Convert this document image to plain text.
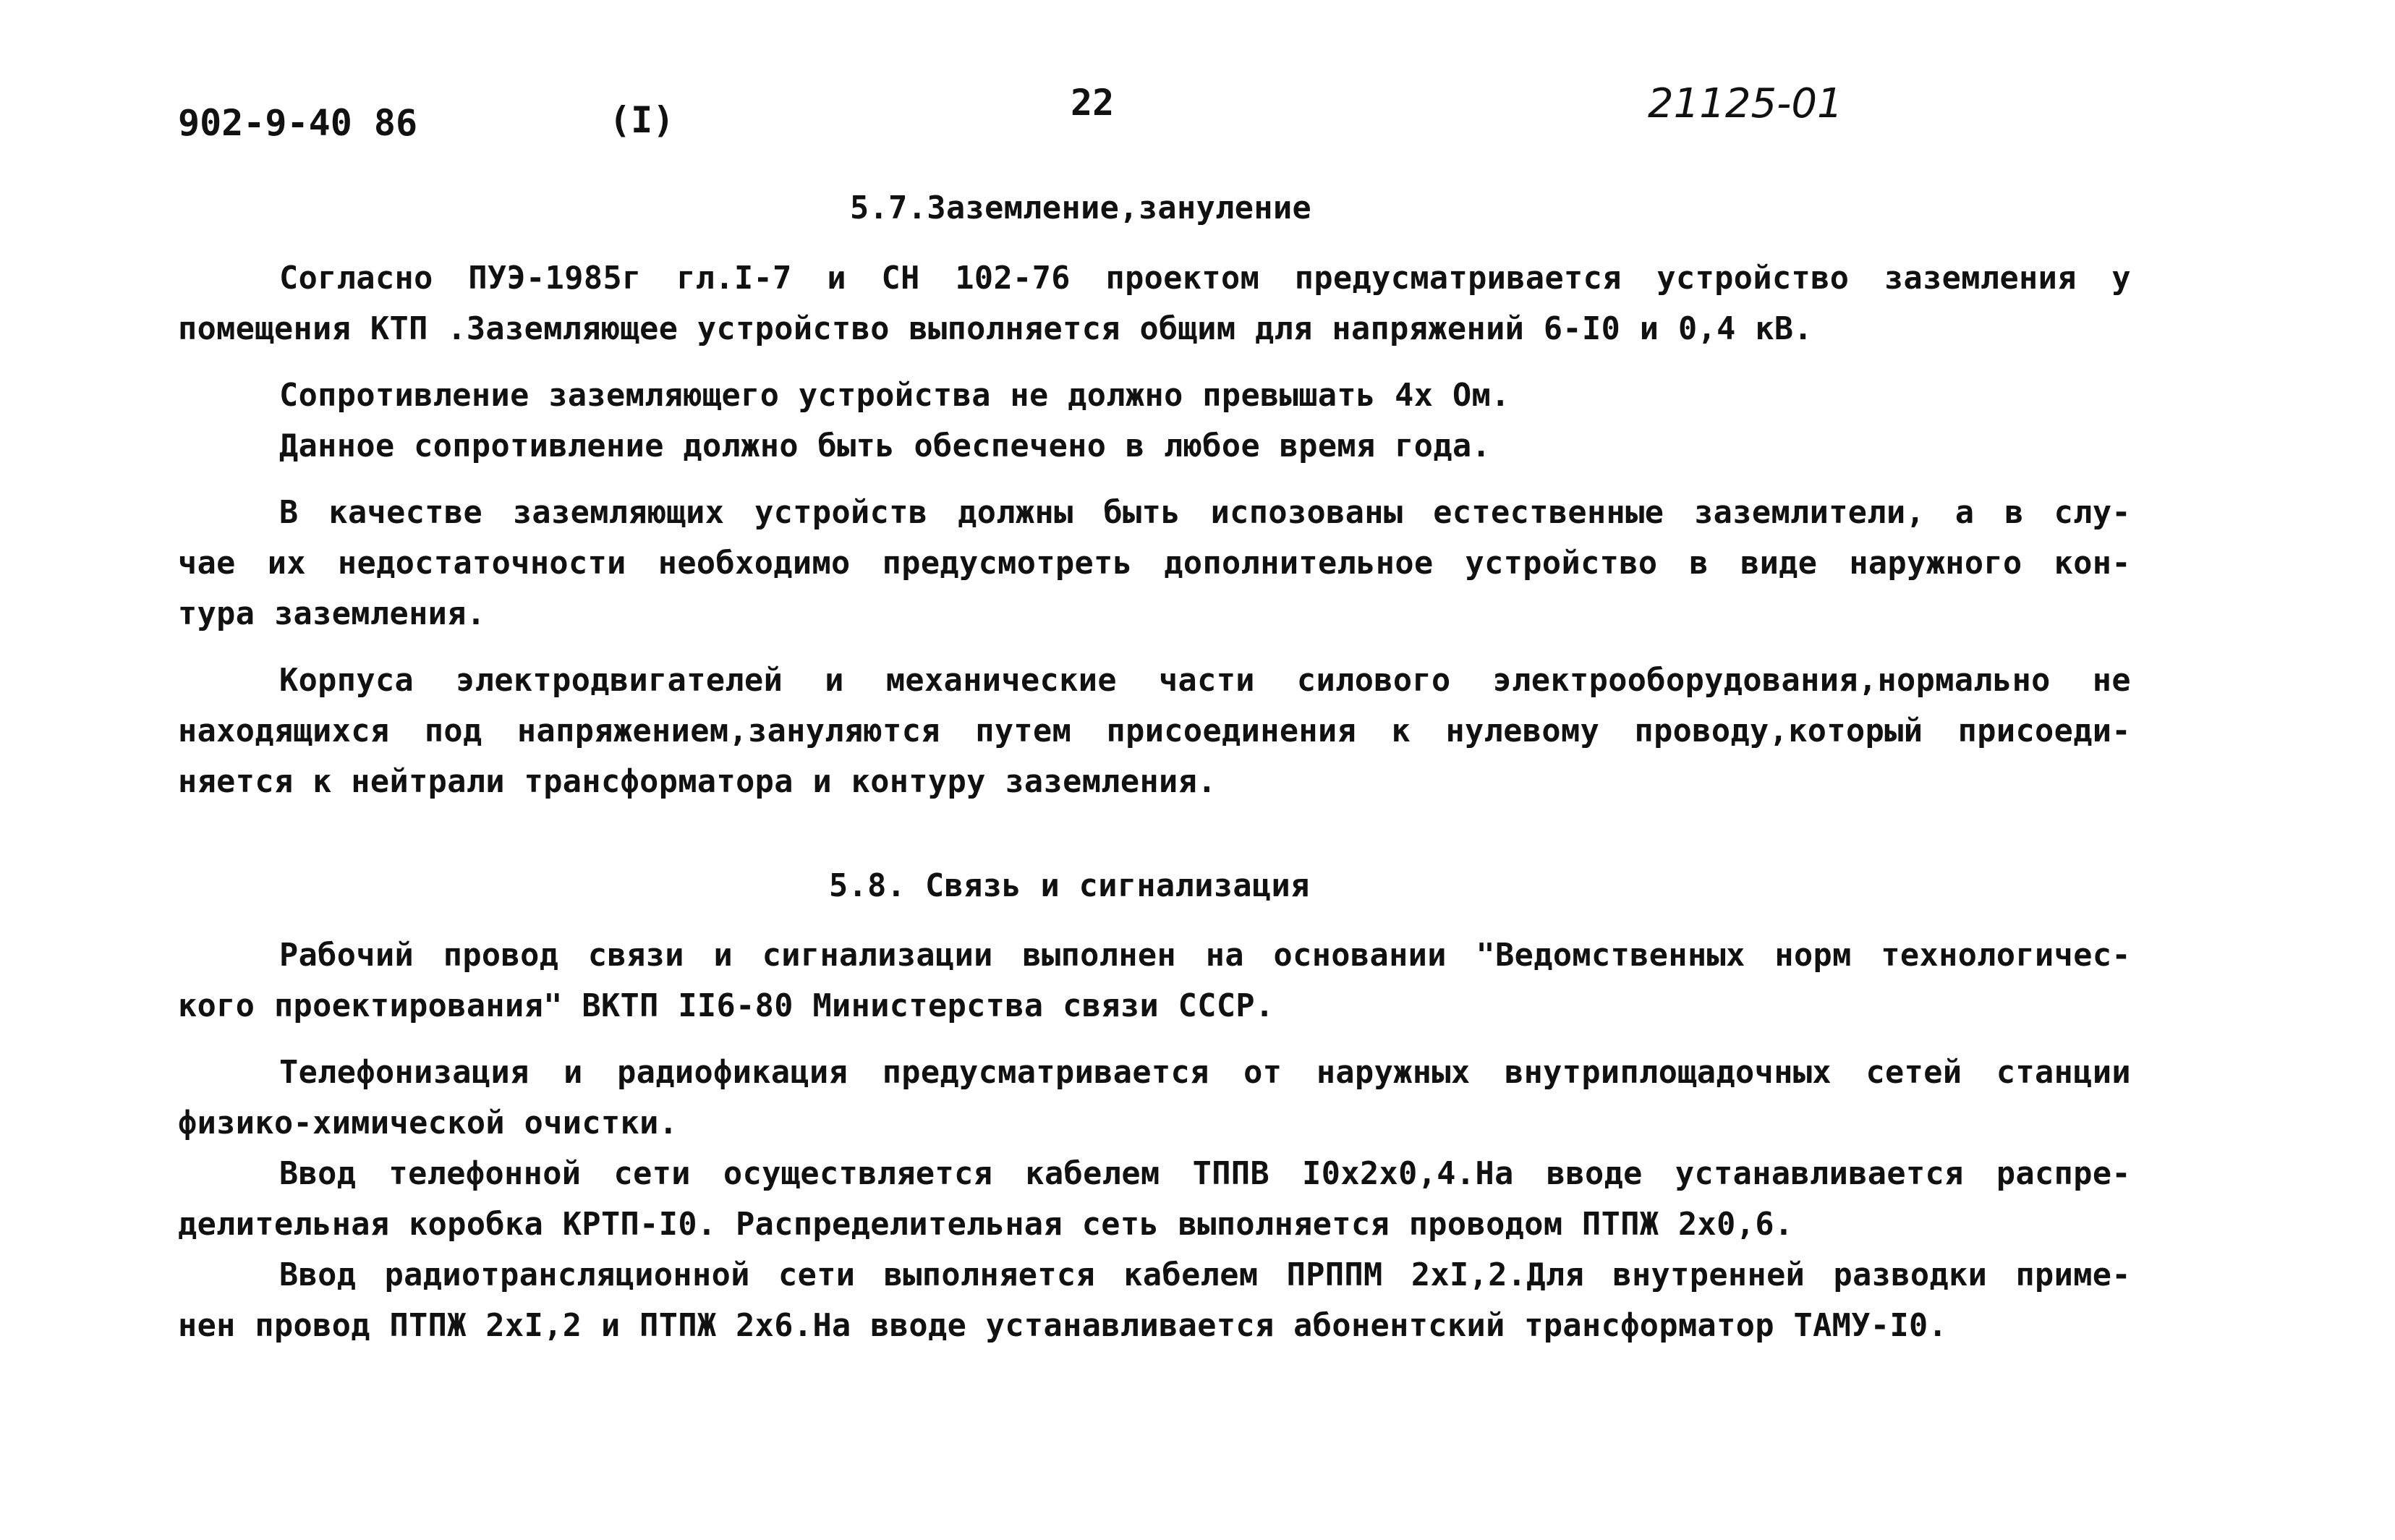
902-9-40 86	(I)	22	21125-01
5.7.Заземление,зануление
Согласно ПУЭ-1985г гл.I-7 и СН 102-76 проектом предусматривается устройство заземления у
помещения КТП .Заземляющее устройство выполняется общим для напряжений 6-I0 и 0,4 кВ.
Сопротивление заземляющего устройства не должно превышать 4х Ом.
Данное сопротивление должно быть обеспечено в любое время года.
В качестве заземляющих устройств должны быть испозованы естественные заземлители, а в слу-
чае их недостаточности необходимо предусмотреть дополнительное устройство в виде наружного кон-
тура заземления.
Корпуса электродвигателей и механические части силового электрооборудования,нормально не
находящихся под напряжением,зануляются путем присоединения к нулевому проводу,который присоеди-
няется к нейтрали трансформатора и контуру заземления.
5.8. Связь и сигнализация
Рабочий провод связи и сигнализации выполнен на основании "Ведомственных норм технологичес-
кого проектирования" ВКТП II6-80 Министерства связи СССР.
Телефонизация и радиофикация предусматривается от наружных внутриплощадочных сетей станции
физико-химической очистки.
Ввод телефонной сети осуществляется кабелем ТППВ I0х2х0,4.На вводе устанавливается распре-
делительная коробка КРТП-I0. Распределительная сеть выполняется проводом ПТПЖ 2х0,6.
Ввод радиотрансляционной сети выполняется кабелем ПРППМ 2хI,2.Для внутренней разводки приме-
нен провод ПТПЖ 2хI,2 и ПТПЖ 2х6.На вводе устанавливается абонентский трансформатор ТАМУ-I0.
